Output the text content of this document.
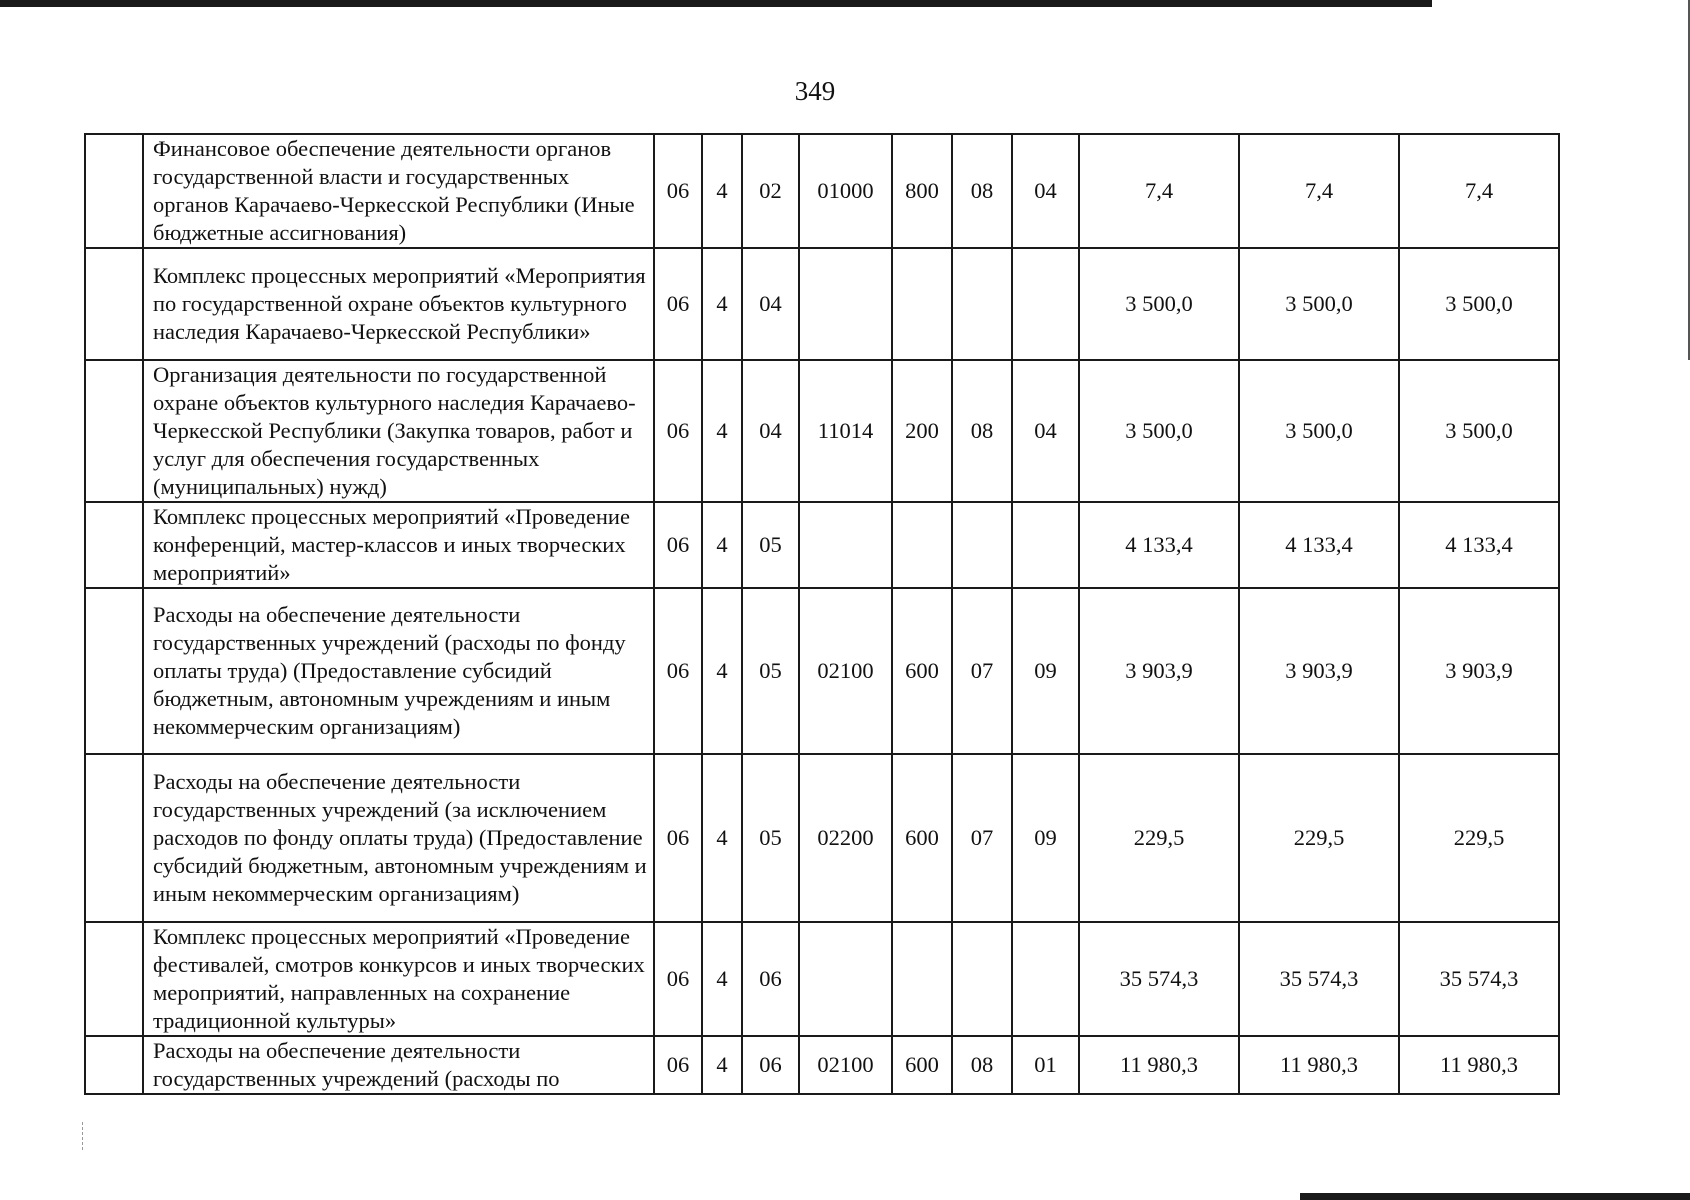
349
	Финансовое обеспечение деятельности органов государственной власти и государственных органов Карачаево-Черкесской Республики (Иные бюджетные ассигнования)	06	4	02	01000	800	08	04	7,4	7,4	7,4
	Комплекс процессных мероприятий «Мероприятия по государственной охране объектов культурного наследия Карачаево-Черкесской Республики»	06	4	04					3 500,0	3 500,0	3 500,0
	Организация деятельности по государственной охране объектов культурного наследия Карачаево-Черкесской Республики (Закупка товаров, работ и услуг для обеспечения государственных (муниципальных) нужд)	06	4	04	11014	200	08	04	3 500,0	3 500,0	3 500,0
	Комплекс процессных мероприятий «Проведение конференций, мастер-классов и иных творческих мероприятий»	06	4	05					4 133,4	4 133,4	4 133,4
	Расходы на обеспечение деятельности государственных учреждений (расходы по фонду оплаты труда) (Предоставление субсидий бюджетным, автономным учреждениям и иным некоммерческим организациям)	06	4	05	02100	600	07	09	3 903,9	3 903,9	3 903,9
	Расходы на обеспечение деятельности государственных учреждений (за исключением расходов по фонду оплаты труда) (Предоставление субсидий бюджетным, автономным учреждениям и иным некоммерческим организациям)	06	4	05	02200	600	07	09	229,5	229,5	229,5
	Комплекс процессных мероприятий «Проведение фестивалей, смотров конкурсов и иных творческих мероприятий, направленных на сохранение традиционной культуры»	06	4	06					35 574,3	35 574,3	35 574,3
	Расходы на обеспечение деятельности государственных учреждений (расходы по	06	4	06	02100	600	08	01	11 980,3	11 980,3	11 980,3
